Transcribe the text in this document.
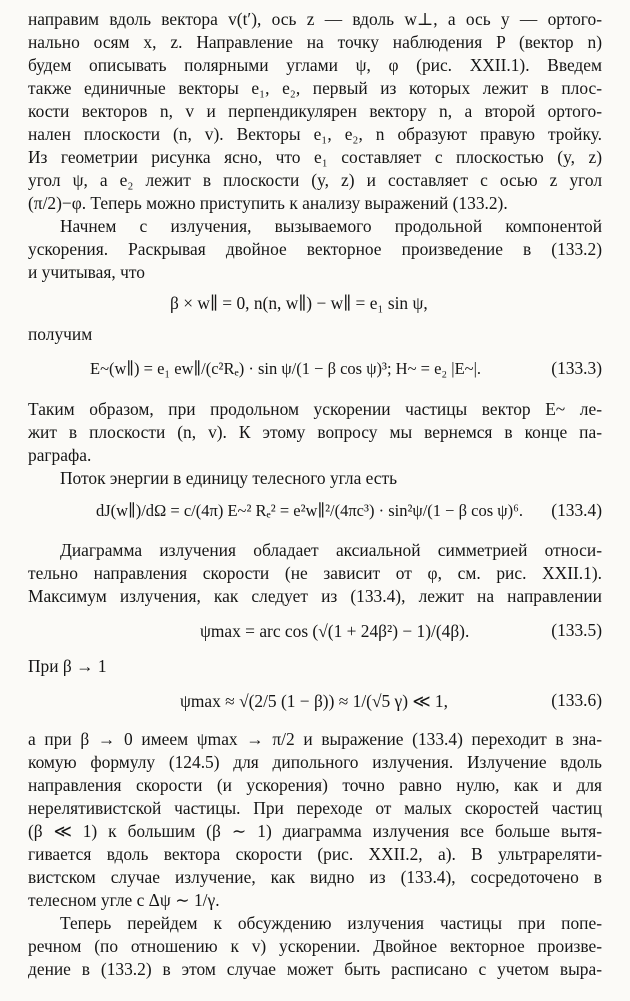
направим вдоль вектора v(t′), ось z — вдоль w⊥, а ось y — ортого-
нально осям x, z. Направление на точку наблюдения P (вектор n)
будем описывать полярными углами ψ, φ (рис. XXII.1). Введем
также единичные векторы e₁, e₂, первый из которых лежит в плос-
кости векторов n, v и перпендикулярен вектору n, а второй ортого-
нален плоскости (n, v). Векторы e₁, e₂, n образуют правую тройку.
Из геометрии рисунка ясно, что e₁ составляет с плоскостью (y, z)
угол ψ, а e₂ лежит в плоскости (y, z) и составляет с осью z угол
(π/2)−φ. Теперь можно приступить к анализу выражений (133.2).
Начнем с излучения, вызываемого продольной компонентой
ускорения. Раскрывая двойное векторное произведение в (133.2)
и учитывая, что
β × w∥ = 0, n(n, w∥) − w∥ = e₁ sin ψ,
получим
E~(w∥) = e₁ ew∥/(c²Rₑ) · sin ψ/(1 − β cos ψ)³; H~ = e₂ |E~|.	(133.3)
Таким образом, при продольном ускорении частицы вектор E~ ле-
жит в плоскости (n, v). К этому вопросу мы вернемся в конце па-
раграфа.
Поток энергии в единицу телесного угла есть
dJ(w∥)/dΩ = c/(4π) E~² Rₑ² = e²w∥²/(4πc³) · sin²ψ/(1 − β cos ψ)⁶. (133.4)
Диаграмма излучения обладает аксиальной симметрией относи-
тельно направления скорости (не зависит от φ, см. рис. XXII.1).
Максимум излучения, как следует из (133.4), лежит на направлении
ψmax = arc cos (√(1 + 24β²) − 1)/(4β).	(133.5)
При β → 1
ψmax ≈ √(2/5 (1 − β)) ≈ 1/(√5 γ) ≪ 1,	(133.6)
а при β → 0 имеем ψmax → π/2 и выражение (133.4) переходит в зна-
комую формулу (124.5) для дипольного излучения. Излучение вдоль
направления скорости (и ускорения) точно равно нулю, как и для
нерелятивистской частицы. При переходе от малых скоростей частиц
(β ≪ 1) к большим (β ∼ 1) диаграмма излучения все больше вытя-
гивается вдоль вектора скорости (рис. XXII.2, a). В ультрареляти-
вистском случае излучение, как видно из (133.4), сосредоточено в
телесном угле с Δψ ∼ 1/γ.
Теперь перейдем к обсуждению излучения частицы при попе-
речном (по отношению к v) ускорении. Двойное векторное произве-
дение в (133.2) в этом случае может быть расписано с учетом выра-
